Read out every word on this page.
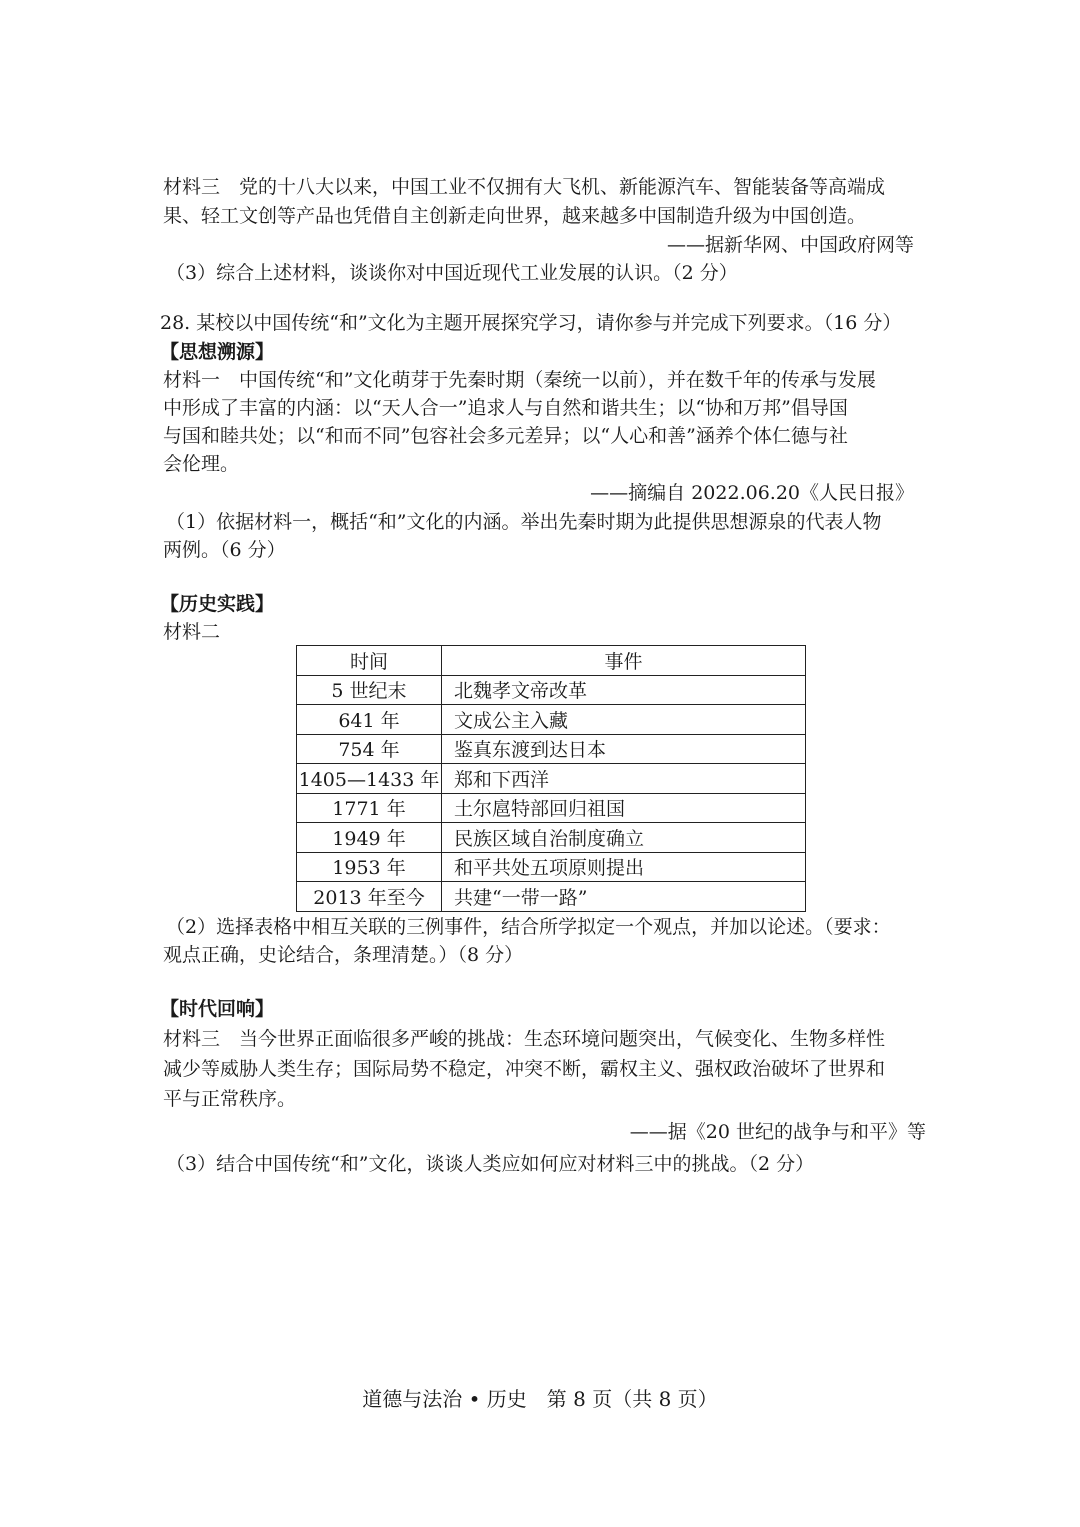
材料三　党的十八大以来，中国工业不仅拥有大飞机、新能源汽车、智能装备等高端成
果、轻工文创等产品也凭借自主创新走向世界，越来越多中国制造升级为中国创造。
——据新华网、中国政府网等
（3）综合上述材料，谈谈你对中国近现代工业发展的认识。（2 分）
28. 某校以中国传统“和”文化为主题开展探究学习，请你参与并完成下列要求。（16 分）
【思想溯源】
材料一　中国传统“和”文化萌芽于先秦时期（秦统一以前），并在数千年的传承与发展
中形成了丰富的内涵：以“天人合一”追求人与自然和谐共生；以“协和万邦”倡导国
与国和睦共处；以“和而不同”包容社会多元差异；以“人心和善”涵养个体仁德与社
会伦理。
——摘编自 2022.06.20《人民日报》
（1）依据材料一，概括“和”文化的内涵。举出先秦时期为此提供思想源泉的代表人物
两例。（6 分）
【历史实践】
材料二
时间	事件
5 世纪末	北魏孝文帝改革
641 年	文成公主入藏
754 年	鉴真东渡到达日本
1405—1433 年	郑和下西洋
1771 年	土尔扈特部回归祖国
1949 年	民族区域自治制度确立
1953 年	和平共处五项原则提出
2013 年至今	共建“一带一路”
（2）选择表格中相互关联的三例事件，结合所学拟定一个观点，并加以论述。（要求：
观点正确，史论结合，条理清楚。）（8 分）
【时代回响】
材料三　当今世界正面临很多严峻的挑战：生态环境问题突出，气候变化、生物多样性
减少等威胁人类生存；国际局势不稳定，冲突不断，霸权主义、强权政治破坏了世界和
平与正常秩序。
——据《20 世纪的战争与和平》等
（3）结合中国传统“和”文化，谈谈人类应如何应对材料三中的挑战。（2 分）
道德与法治 • 历史　第 8 页（共 8 页）
